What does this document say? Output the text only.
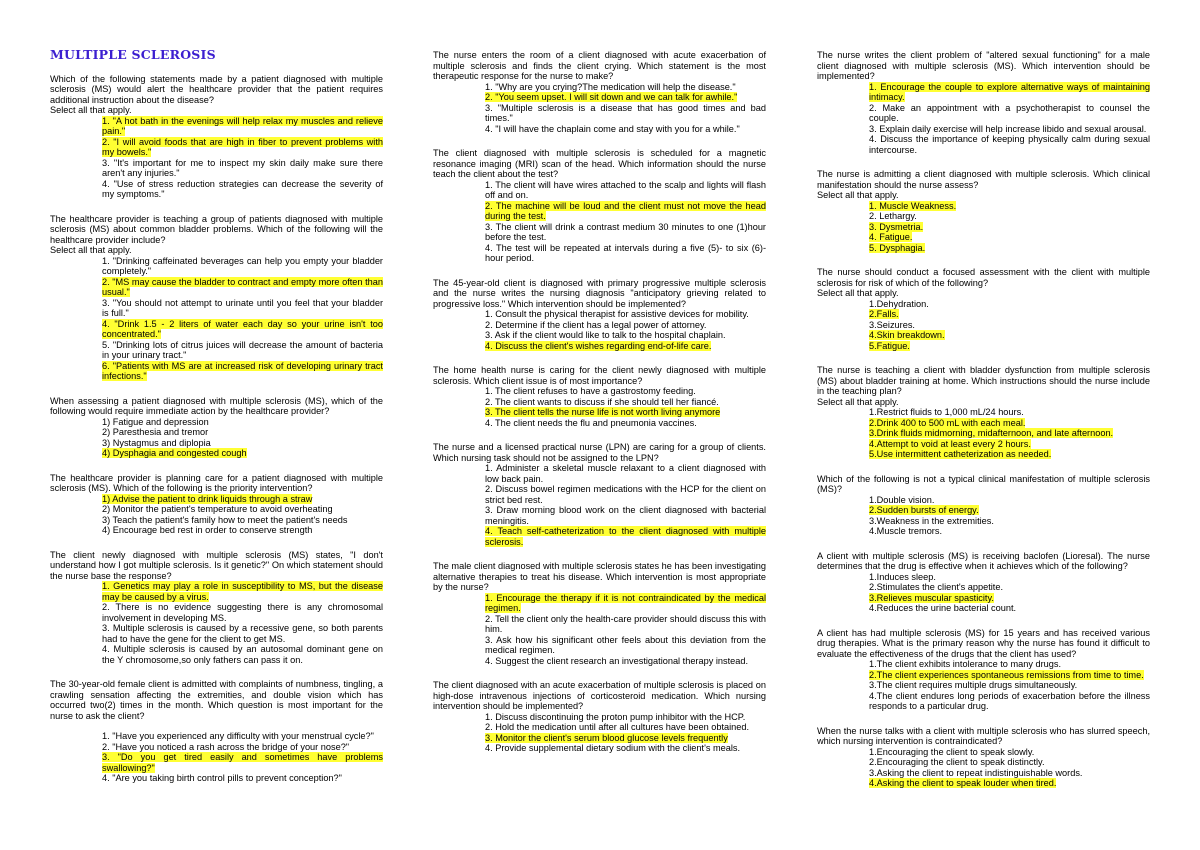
MULTIPLE SCLEROSIS

Which of the following statements made by a patient diagnosed with multiple sclerosis (MS) would alert the healthcare provider that the patient requires additional instruction about the disease?

Select all that apply.

1. "A hot bath in the evenings will help relax my muscles and relieve pain."
2. "I will avoid foods that are high in fiber to prevent problems with my bowels."
3. "It's important for me to inspect my skin daily make sure there aren't any injuries."
4. "Use of stress reduction strategies can decrease the severity of my symptoms."

The healthcare provider is teaching a group of patients diagnosed with multiple sclerosis (MS) about common bladder problems. Which of the following will the healthcare provider include?

Select all that apply.

1. "Drinking caffeinated beverages can help you empty your bladder completely."
2. "MS may cause the bladder to contract and empty more often than usual."
3. "You should not attempt to urinate until you feel that your bladder is full."
4. "Drink 1.5 - 2 liters of water each day so your urine isn't too concentrated."
5. "Drinking lots of citrus juices will decrease the amount of bacteria in your urinary tract."
6. "Patients with MS are at increased risk of developing urinary tract infections."

When assessing a patient diagnosed with multiple sclerosis (MS), which of the following would require immediate action by the healthcare provider?

1) Fatigue and depression
2) Paresthesia and tremor
3) Nystagmus and diplopia
4) Dysphagia and congested cough

The healthcare provider is planning care for a patient diagnosed with multiple sclerosis (MS). Which of the following is the priority intervention?

1) Advise the patient to drink liquids through a straw
2) Monitor the patient's temperature to avoid overheating
3) Teach the patient's family how to meet the patient's needs
4) Encourage bed rest in order to conserve strength

The client newly diagnosed with multiple sclerosis (MS) states, "I don't understand how I got multiple sclerosis. Is it genetic?" On which statement should the nurse base the response?

1. Genetics may play a role in susceptibility to MS, but the disease may be caused by a virus.
2. There is no evidence suggesting there is any chromosomal involvement in developing MS.
3. Multiple sclerosis is caused by a recessive gene, so both parents had to have the gene for the client to get MS.
4. Multiple sclerosis is caused by an autosomal dominant gene on the Y chromosome,so only fathers can pass it on.

The 30-year-old female client is admitted with complaints of numbness, tingling, a crawling sensation affecting the extremities, and double vision which has occurred two(2) times in the month. Which question is most important for the nurse to ask the client?

1. "Have you experienced any difficulty with your menstrual cycle?"
2. "Have you noticed a rash across the bridge of your nose?"
3. "Do you get tired easily and sometimes have problems swallowing?"
4. "Are you taking birth control pills to prevent conception?"

The nurse enters the room of a client diagnosed with acute exacerbation of multiple sclerosis and finds the client crying. Which statement is the most therapeutic response for the nurse to make?

1. "Why are you crying?The medication will help the disease."
2. "You seem upset. I will sit down and we can talk for awhile."
3. "Multiple sclerosis is a disease that has good times and bad times."
4. "I will have the chaplain come and stay with you for a while."

The client diagnosed with multiple sclerosis is scheduled for a magnetic resonance imaging (MRI) scan of the head. Which information should the nurse teach the client about the test?

1. The client will have wires attached to the scalp and lights will flash off and on.
2. The machine will be loud and the client must not move the head during the test.
3. The client will drink a contrast medium 30 minutes to one (1)hour before the test.
4. The test will be repeated at intervals during a five (5)- to six (6)-hour period.

The 45-year-old client is diagnosed with primary progressive multiple sclerosis and the nurse writes the nursing diagnosis "anticipatory grieving related to progressive loss." Which intervention should be implemented?

1. Consult the physical therapist for assistive devices for mobility.
2. Determine if the client has a legal power of attorney.
3. Ask if the client would like to talk to the hospital chaplain.
4. Discuss the client's wishes regarding end-of-life care.

The home health nurse is caring for the client newly diagnosed with multiple sclerosis. Which client issue is of most importance?

1. The client refuses to have a gastrostomy feeding.
2. The client wants to discuss if she should tell her fiancé.
3. The client tells the nurse life is not worth living anymore
4. The client needs the flu and pneumonia vaccines.

The nurse and a licensed practical nurse (LPN) are caring for a group of clients. Which nursing task should not be assigned to the LPN?

1. Administer a skeletal muscle relaxant to a client diagnosed with low back pain.
2. Discuss bowel regimen medications with the HCP for the client on strict bed rest.
3. Draw morning blood work on the client diagnosed with bacterial meningitis.
4. Teach self-catheterization to the client diagnosed with multiple sclerosis.

The male client diagnosed with multiple sclerosis states he has been investigating alternative therapies to treat his disease. Which intervention is most appropriate by the nurse?

1. Encourage the therapy if it is not contraindicated by the medical regimen.
2. Tell the client only the health-care provider should discuss this with him.
3. Ask how his significant other feels about this deviation from the medical regimen.
4. Suggest the client research an investigational therapy instead.

The client diagnosed with an acute exacerbation of multiple sclerosis is placed on high-dose intravenous injections of corticosteroid medication. Which nursing intervention should be implemented?

1. Discuss discontinuing the proton pump inhibitor with the HCP.
2. Hold the medication until after all cultures have been obtained.
3. Monitor the client's serum blood glucose levels frequently
4. Provide supplemental dietary sodium with the client's meals.

The nurse writes the client problem of "altered sexual functioning" for a male client diagnosed with multiple sclerosis (MS). Which intervention should be implemented?

1. Encourage the couple to explore alternative ways of maintaining intimacy.
2. Make an appointment with a psychotherapist to counsel the couple.
3. Explain daily exercise will help increase libido and sexual arousal.
4. Discuss the importance of keeping physically calm during sexual intercourse.

The nurse is admitting a client diagnosed with multiple sclerosis. Which clinical manifestation should the nurse assess?

Select all that apply.

1. Muscle Weakness.
2. Lethargy.
3. Dysmetria.
4. Fatigue.
5. Dysphagia.

The nurse should conduct a focused assessment with the client with multiple sclerosis for risk of which of the following?

Select all that apply.

1.Dehydration.
2.Falls.
3.Seizures.
4.Skin breakdown.
5.Fatigue.

The nurse is teaching a client with bladder dysfunction from multiple sclerosis (MS) about bladder training at home. Which instructions should the nurse include in the teaching plan?

Select all that apply.

1.Restrict fluids to 1,000 mL/24 hours.
2.Drink 400 to 500 mL with each meal.
3.Drink fluids midmorning, midafternoon, and late afternoon.
4.Attempt to void at least every 2 hours.
5.Use intermittent catheterization as needed.

Which of the following is not a typical clinical manifestation of multiple sclerosis (MS)?

1.Double vision.
2.Sudden bursts of energy.
3.Weakness in the extremities.
4.Muscle tremors.

A client with multiple sclerosis (MS) is receiving baclofen (Lioresal). The nurse determines that the drug is effective when it achieves which of the following?

1.Induces sleep.
2.Stimulates the client's appetite.
3.Relieves muscular spasticity.
4.Reduces the urine bacterial count.

A client has had multiple sclerosis (MS) for 15 years and has received various drug therapies. What is the primary reason why the nurse has found it difficult to evaluate the effectiveness of the drugs that the client has used?

1.The client exhibits intolerance to many drugs.
2.The client experiences spontaneous remissions from time to time.
3.The client requires multiple drugs simultaneously.
4.The client endures long periods of exacerbation before the illness responds to a particular drug.

When the nurse talks with a client with multiple sclerosis who has slurred speech, which nursing intervention is contraindicated?

1.Encouraging the client to speak slowly.
2.Encouraging the client to speak distinctly.
3.Asking the client to repeat indistinguishable words.
4.Asking the client to speak louder when tired.
